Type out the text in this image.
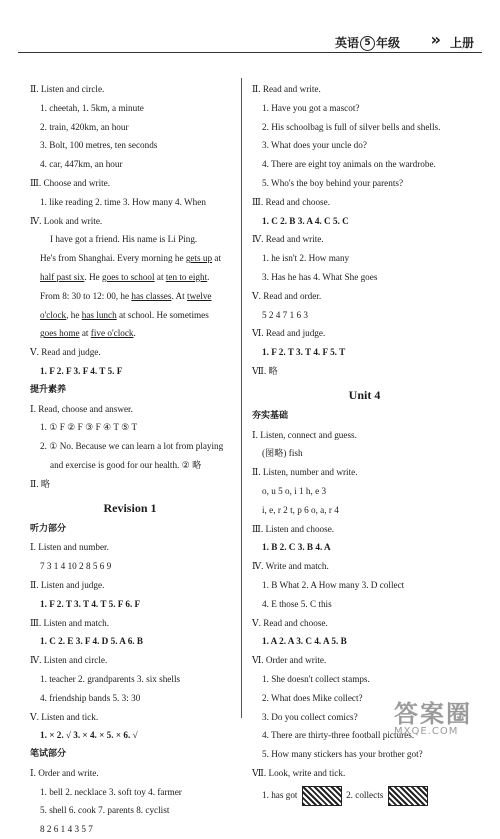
英语 5 年级 » 上册
Ⅱ. Listen and circle.
1. cheetah, 1. 5km, a minute
2. train, 420km, an hour
3. Bolt, 100 metres, ten seconds
4. car, 447km, an hour
Ⅲ. Choose and write.
1. like reading 2. time 3. How many 4. When
Ⅳ. Look and write.
I have got a friend. His name is Li Ping.
He's from Shanghai. Every morning he gets up at
half past six. He goes to school at ten to eight.
From 8: 30 to 12: 00, he has classes. At twelve
o'clock, he has lunch at school. He sometimes
goes home at five o'clock.
Ⅴ. Read and judge.
1. F 2. F 3. F 4. T 5. F
提升素养
Ⅰ. Read, choose and answer.
1. ① F ② F ③ F ④ T ⑤ T
2. ① No. Because we can learn a lot from playing
and exercise is good for our health. ② 略
Ⅱ. 略
Revision 1
听力部分
Ⅰ. Listen and number.
7 3 1 4 10 2 8 5 6 9
Ⅱ. Listen and judge.
1. F 2. T 3. T 4. T 5. F 6. F
Ⅲ. Listen and match.
1. C 2. E 3. F 4. D 5. A 6. B
Ⅳ. Listen and circle.
1. teacher 2. grandparents 3. six shells
4. friendship bands 5. 3: 30
Ⅴ. Listen and tick.
1. × 2. √ 3. × 4. × 5. × 6. √
笔试部分
Ⅰ. Order and write.
1. bell 2. necklace 3. soft toy 4. farmer
5. shell 6. cook 7. parents 8. cyclist
8 2 6 1 4 3 5 7
Ⅱ. Read and write.
1. Have you got a mascot?
2. His schoolbag is full of silver bells and shells.
3. What does your uncle do?
4. There are eight toy animals on the wardrobe.
5. Who's the boy behind your parents?
Ⅲ. Read and choose.
1. C 2. B 3. A 4. C 5. C
Ⅳ. Read and write.
1. he isn't 2. How many
3. Has he has 4. What She goes
Ⅴ. Read and order.
5 2 4 7 1 6 3
Ⅵ. Read and judge.
1. F 2. T 3. T 4. F 5. T
Ⅶ. 略
Unit 4
夯实基础
Ⅰ. Listen, connect and guess.
(图略) fish
Ⅱ. Listen, number and write.
o, u 5 o, i 1 h, e 3
i, e, r 2 t, p 6 o, a, r 4
Ⅲ. Listen and choose.
1. B 2. C 3. B 4. A
Ⅳ. Write and match.
1. B What 2. A How many 3. D collect
4. E those 5. C this
Ⅴ. Read and choose.
1. A 2. A 3. C 4. A 5. B
Ⅵ. Order and write.
1. She doesn't collect stamps.
2. What does Mike collect?
3. Do you collect comics?
4. There are thirty-three football pictures.
5. How many stickers has your brother got?
Ⅶ. Look, write and tick.
1. has got	2. collects
答案圈
MXQE.COM
